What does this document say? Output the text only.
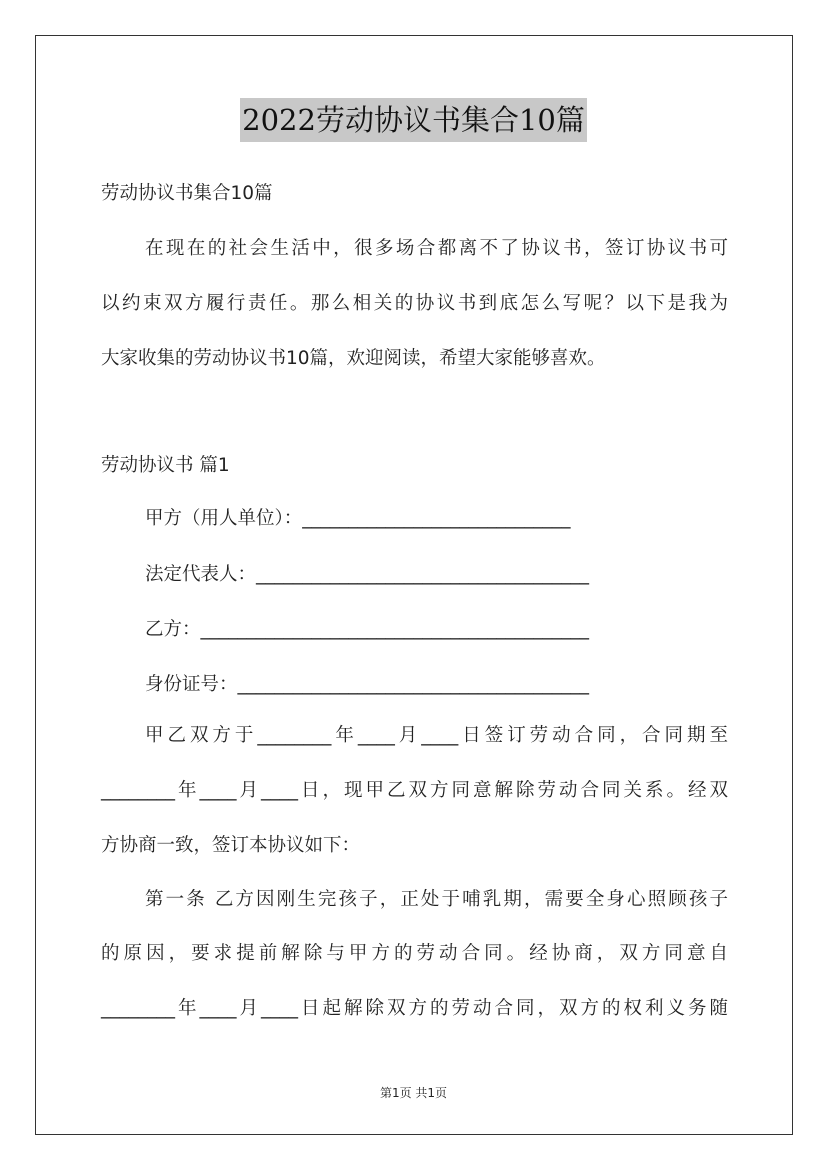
2022劳动协议书集合10篇
劳动协议书集合10篇
在现在的社会生活中，很多场合都离不了协议书，签订协议书可
以约束双方履行责任。那么相关的协议书到底怎么写呢？以下是我为
大家收集的劳动协议书10篇，欢迎阅读，希望大家能够喜欢。
劳动协议书 篇1
甲方（用人单位）：_____________________________
法定代表人：____________________________________
乙方：__________________________________________
身份证号：______________________________________
甲乙双方于________年____月____日签订劳动合同，合同期至
________年____月____日，现甲乙双方同意解除劳动合同关系。经双
方协商一致，签订本协议如下：
第一条 乙方因刚生完孩子，正处于哺乳期，需要全身心照顾孩子
的原因，要求提前解除与甲方的劳动合同。经协商，双方同意自
________年____月____日起解除双方的劳动合同，双方的权利义务随
第1页 共1页
